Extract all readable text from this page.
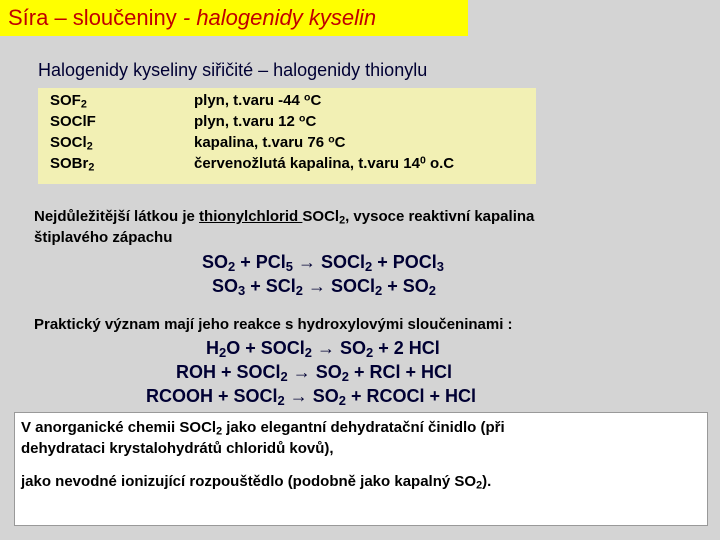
Síra – sloučeniny - halogenidy kyselin
Halogenidy kyseliny siřičité – halogenidy thionylu
$SOF_2$	plyn, t.varu -44 $^o$C
SOClF	plyn, t.varu 12 $^o$C
SOCl$_2$	kapalina, t.varu 76 $^o$C
SOBr$_2$	červenožlutá kapalina, t.varu $14^0$ o.C
Nejdůležitější látkou je thionylchlorid SOCl$_2$, vysoce reaktivní kapalina
štiplavého zápachu
$SO_2 + PCl_5$ → SOCl$_2$ + POCl$_3$
$SO_3 + SCl_2$ → SOCl$_2$ + $SO_2$
Praktický význam mají jeho reakce s hydroxylovými sloučeninami :
$H_2O$ + SOCl$_2$ → $SO_2 + 2$ HCl
ROH + SOCl$_2$ → $SO_2$ + RCl + HCl
RCOOH + SOCl$_2$ → $SO_2$ + RCOCl + HCl
V anorganické chemii SOCl$_2$ jako elegantní dehydratační činidlo (při
dehydrataci krystalohydrátů chloridů kovů),
jako nevodné ionizující rozpouštědlo (podobně jako kapalný $SO_2$).
